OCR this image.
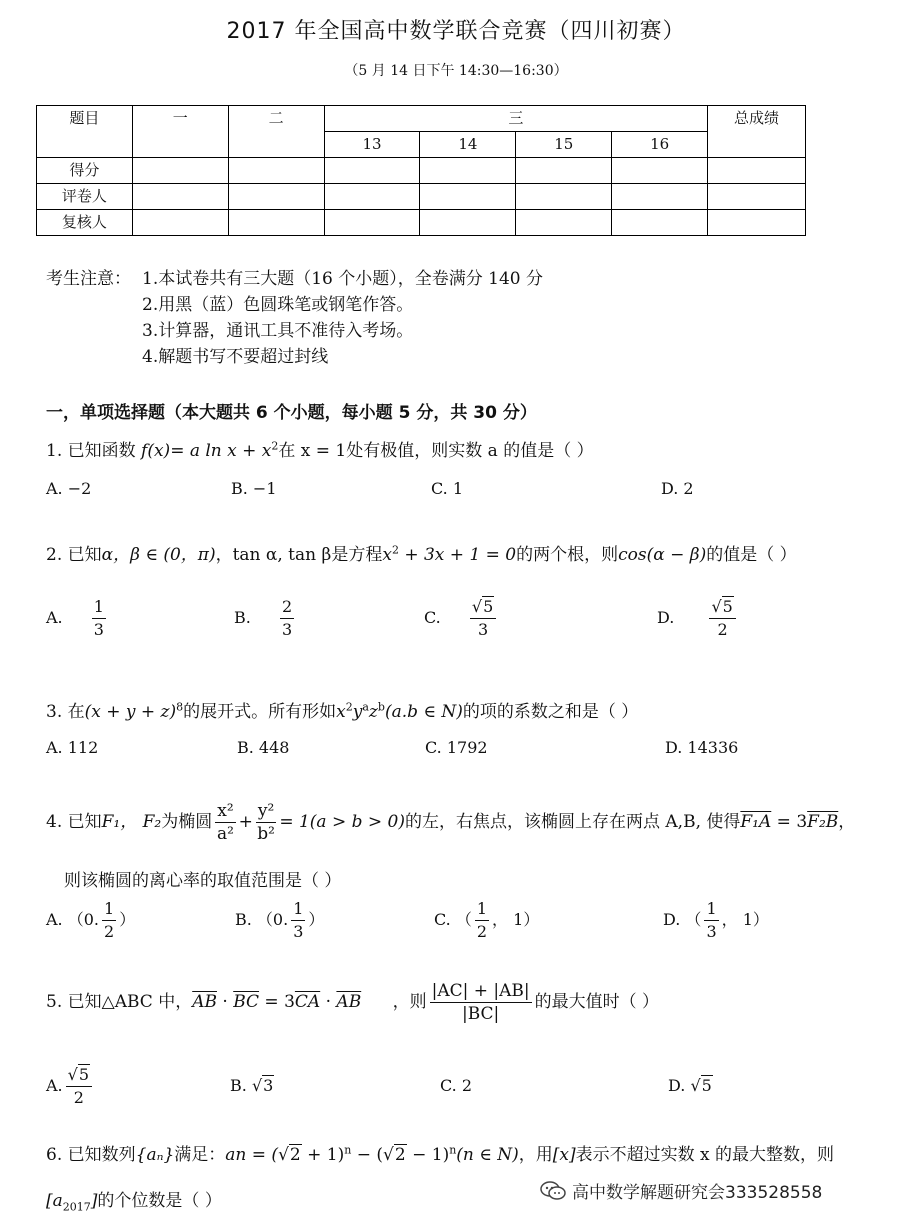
2017 年全国高中数学联合竞赛（四川初赛）
（5 月 14 日下午 14:30—16:30）
题目	一	二	三				总成绩
			13	14	15	16	
得分							
评卷人							
复核人							
考生注意： 1.本试卷共有三大题（16 个小题），全卷满分 140 分
2.用黑（蓝）色圆珠笔或钢笔作答。
3.计算器，通讯工具不准待入考场。
4.解题书写不要超过封线
一，单项选择题（本大题共 6 个小题，每小题 5 分，共 30 分）
1. 已知函数 f(x)= a $\ln x + x^2$在 x = 1处有极值，则实数 a 的值是（ ）
A. −2	B. −1	C. 1	D. 2
2. 已知α，β ∈ (0，π)，tan α, tan β是方程$x^2 + 3x + 1 = 0$的两个根，则cos(α − β)的值是（ ）
A. $\frac{1}{3}$	B. $\frac{2}{3}$	C. $\frac{√5}{3}$	D. $\frac{√5}{2}$
3. 在$(x + y + z)^8$的展开式。所有形如$x^2y^az^b(a.b$ ∈ N)的项的系数之和是（ ）
A. 112	B. 448	C. 1792	D. 14336
4. 已知F₁， F₂为椭圆 $\frac{\text{x²}}{\text{a²}} + \frac{\text{y²}}{\text{b²}} = 1(a > b > 0)$的左，右焦点，该椭圆上存在两点 A,B, 使得F₁A = 3F₂B，
则该椭圆的离心率的取值范围是（ ）
A. （0. $\frac{1}{2}$ ）	B. （0. $\frac{1}{3}$ ）	C. （ $\frac{1}{2}$ ， 1）	D. （ $\frac{1}{3}$ ， 1）
5. 已知△ABC 中，$\overline{AB} \cdot \overline{BC} = 3\overline{CA} \cdot \overline{AB}$ ，则 $\frac{|AC| + |AB|}{|BC|}$ 的最大值时（ ）
A. $\frac{√5}{2}$	B. √3	C. 2	D. √5
6. 已知数列{aₙ}满足：an = $(√2 + 1)^n - (√2 - 1)^n(n$ ∈ N)，用[x]表示不超过实数 x 的最大整数，则
$[a_{2017}]$的个位数是（ ）	高中数学解题研究会333528558
